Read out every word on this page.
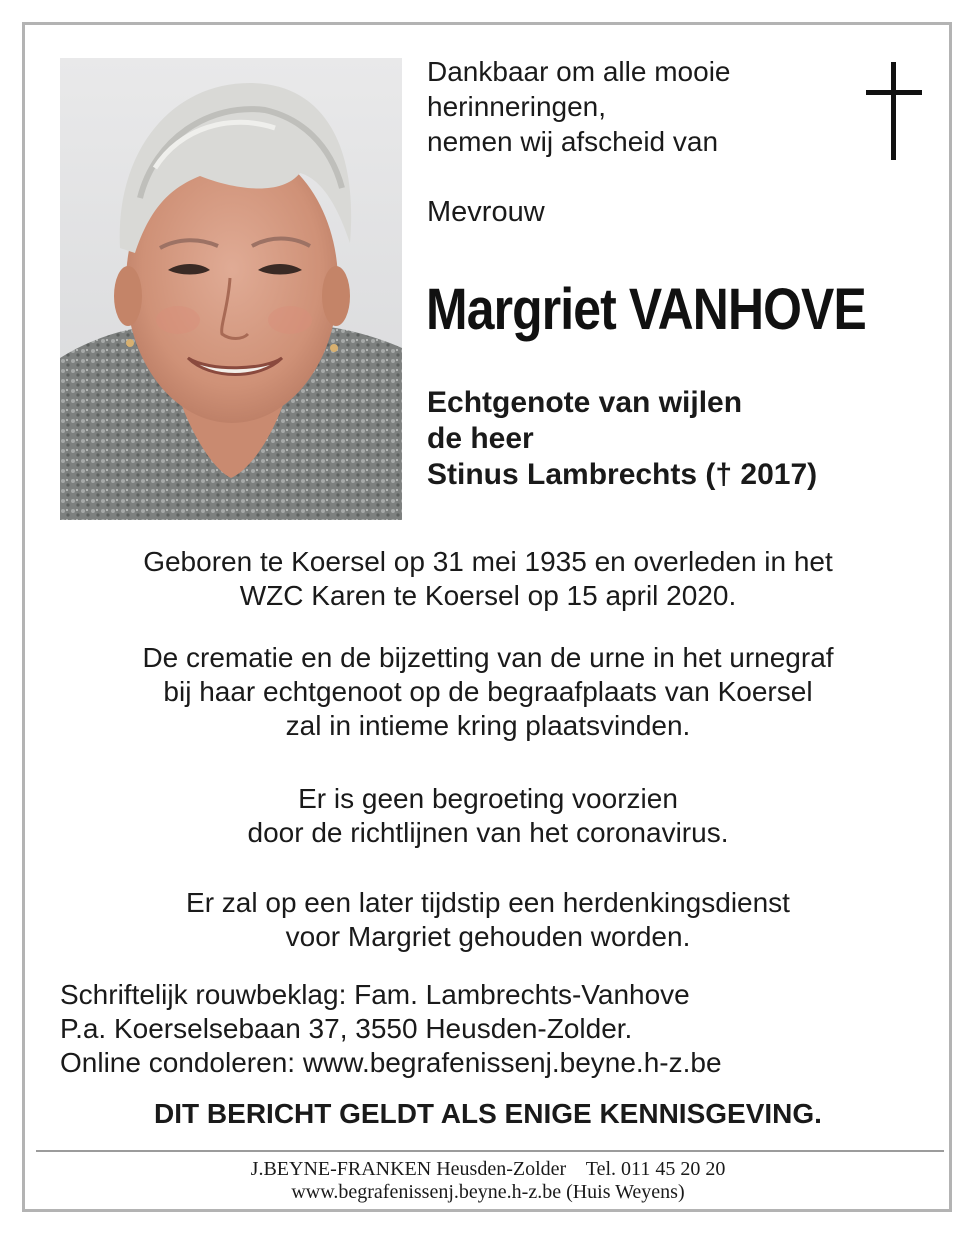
Dankbaar om alle mooie
herinneringen,
nemen wij afscheid van
Mevrouw
Margriet VANHOVE
Echtgenote van wijlen
de heer
Stinus Lambrechts († 2017)
Geboren te Koersel op 31 mei 1935 en overleden in het
WZC Karen te Koersel op 15 april 2020.
De crematie en de bijzetting van de urne in het urnegraf
bij haar echtgenoot op de begraafplaats van Koersel
zal in intieme kring plaatsvinden.
Er is geen begroeting voorzien
door de richtlijnen van het coronavirus.
Er zal op een later tijdstip een herdenkingsdienst
voor Margriet gehouden worden.
Schriftelijk rouwbeklag: Fam. Lambrechts-Vanhove
P.a. Koerselsebaan 37, 3550 Heusden-Zolder.
Online condoleren: www.begrafenissenj.beyne.h-z.be
DIT BERICHT GELDT ALS ENIGE KENNISGEVING.
J.BEYNE-FRANKEN Heusden-Zolder    Tel. 011 45 20 20
www.begrafenissenj.beyne.h-z.be (Huis Weyens)
